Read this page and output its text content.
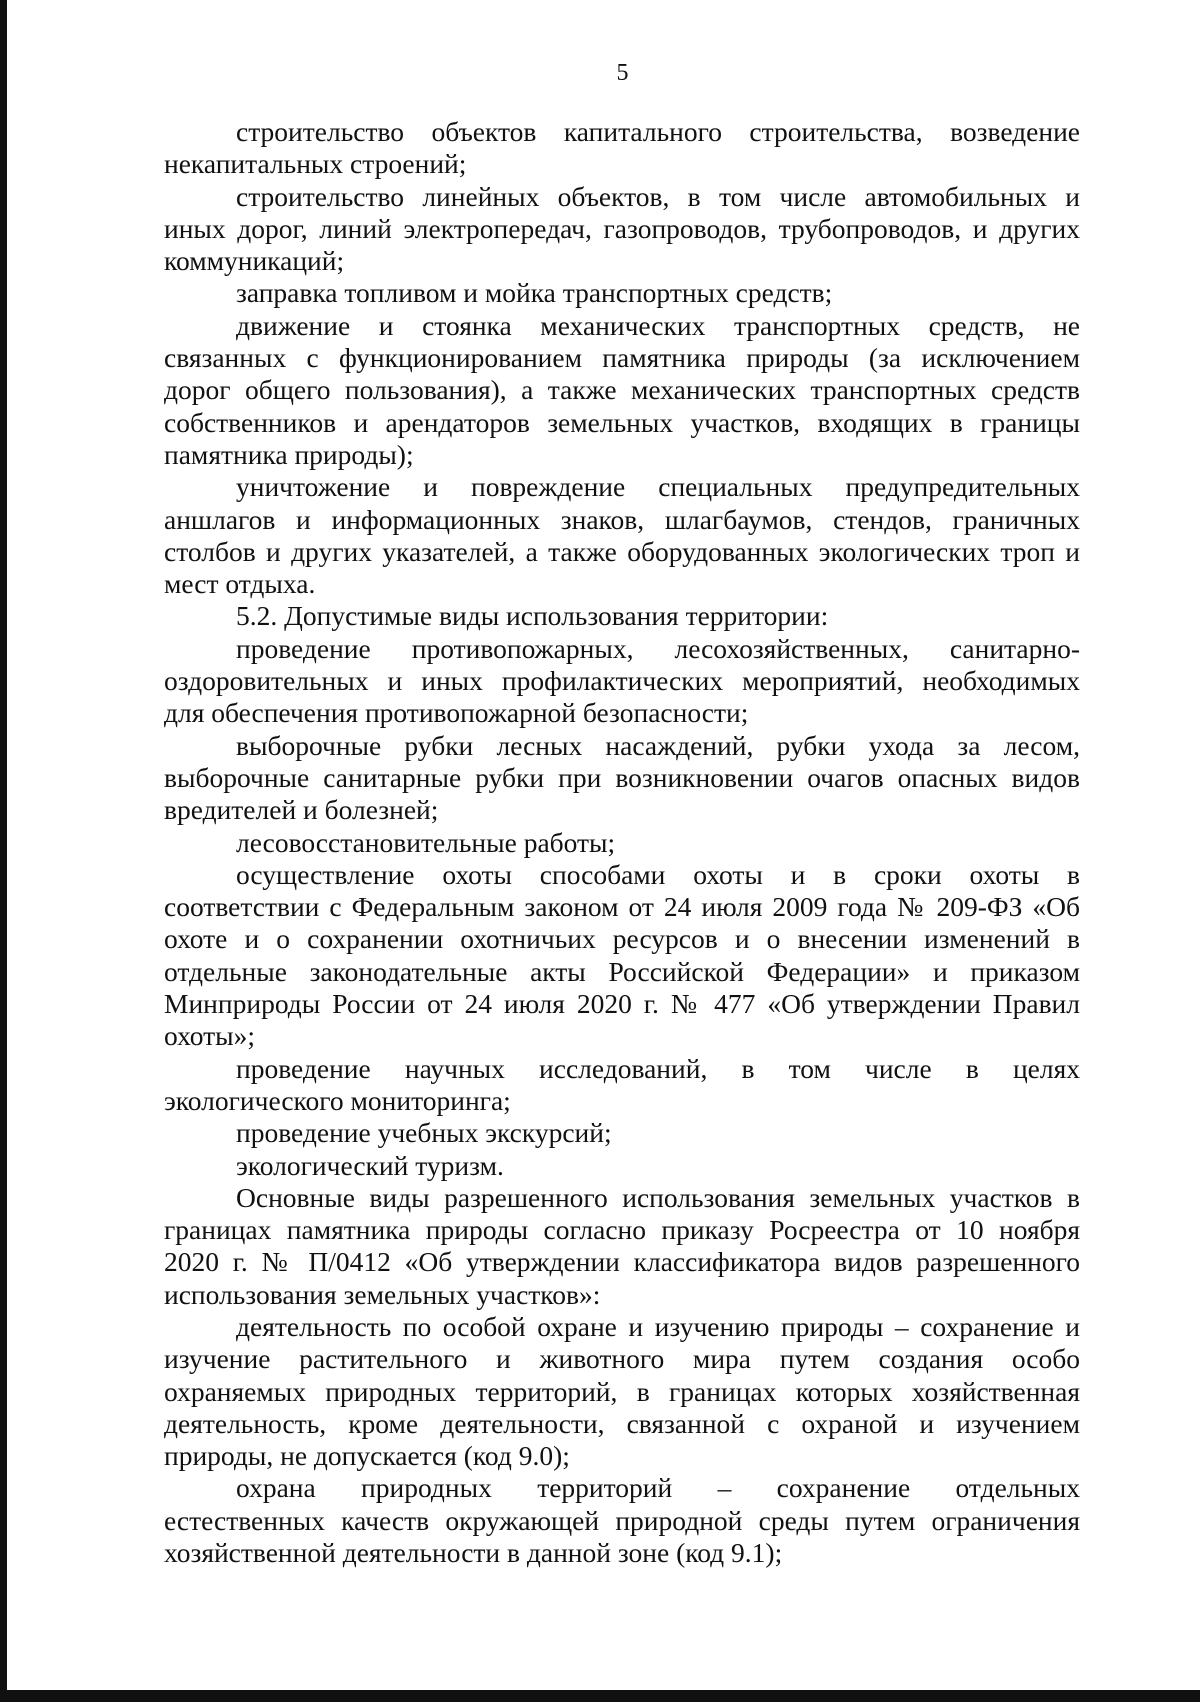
5

строительство объектов капитального строительства, возведение
некапитальных строений;

строительство линейных объектов, в том числе автомобильных и
иных дорог, линий электропередач, газопроводов, трубопроводов, и других
коммуникаций;

заправка топливом и мойка транспортных средств;

движение и стоянка механических транспортных средств, не
связанных с функционированием памятника природы (за исключением
дорог общего пользования), а также механических транспортных средств
собственников и арендаторов земельных участков, входящих в границы
памятника природы);

уничтожение и повреждение специальных предупредительных
аншлагов и информационных знаков, шлагбаумов, стендов, граничных
столбов и других указателей, а также оборудованных экологических троп и
мест отдыха.

5.2. Допустимые виды использования территории:

проведение противопожарных, лесохозяйственных, санитарно-
оздоровительных и иных профилактических мероприятий, необходимых
для обеспечения противопожарной безопасности;

выборочные рубки лесных насаждений, рубки ухода за лесом,
выборочные санитарные рубки при возникновении очагов опасных видов
вредителей и болезней;

лесовосстановительные работы;

осуществление охоты способами охоты и в сроки охоты в
соответствии с Федеральным законом от 24 июля 2009 года № 209-ФЗ «Об
охоте и о сохранении охотничьих ресурсов и о внесении изменений в
отдельные законодательные акты Российской Федерации» и приказом
Минприроды России от 24 июля 2020 г. № 477 «Об утверждении Правил
охоты»;

проведение научных исследований, в том числе в целях
экологического мониторинга;

проведение учебных экскурсий;

экологический туризм.

Основные виды разрешенного использования земельных участков в
границах памятника природы согласно приказу Росреестра от 10 ноября
2020 г. № П/0412 «Об утверждении классификатора видов разрешенного
использования земельных участков»:

деятельность по особой охране и изучению природы – сохранение и
изучение растительного и животного мира путем создания особо
охраняемых природных территорий, в границах которых хозяйственная
деятельность, кроме деятельности, связанной с охраной и изучением
природы, не допускается (код 9.0);

охрана природных территорий – сохранение отдельных
естественных качеств окружающей природной среды путем ограничения
хозяйственной деятельности в данной зоне (код 9.1);
